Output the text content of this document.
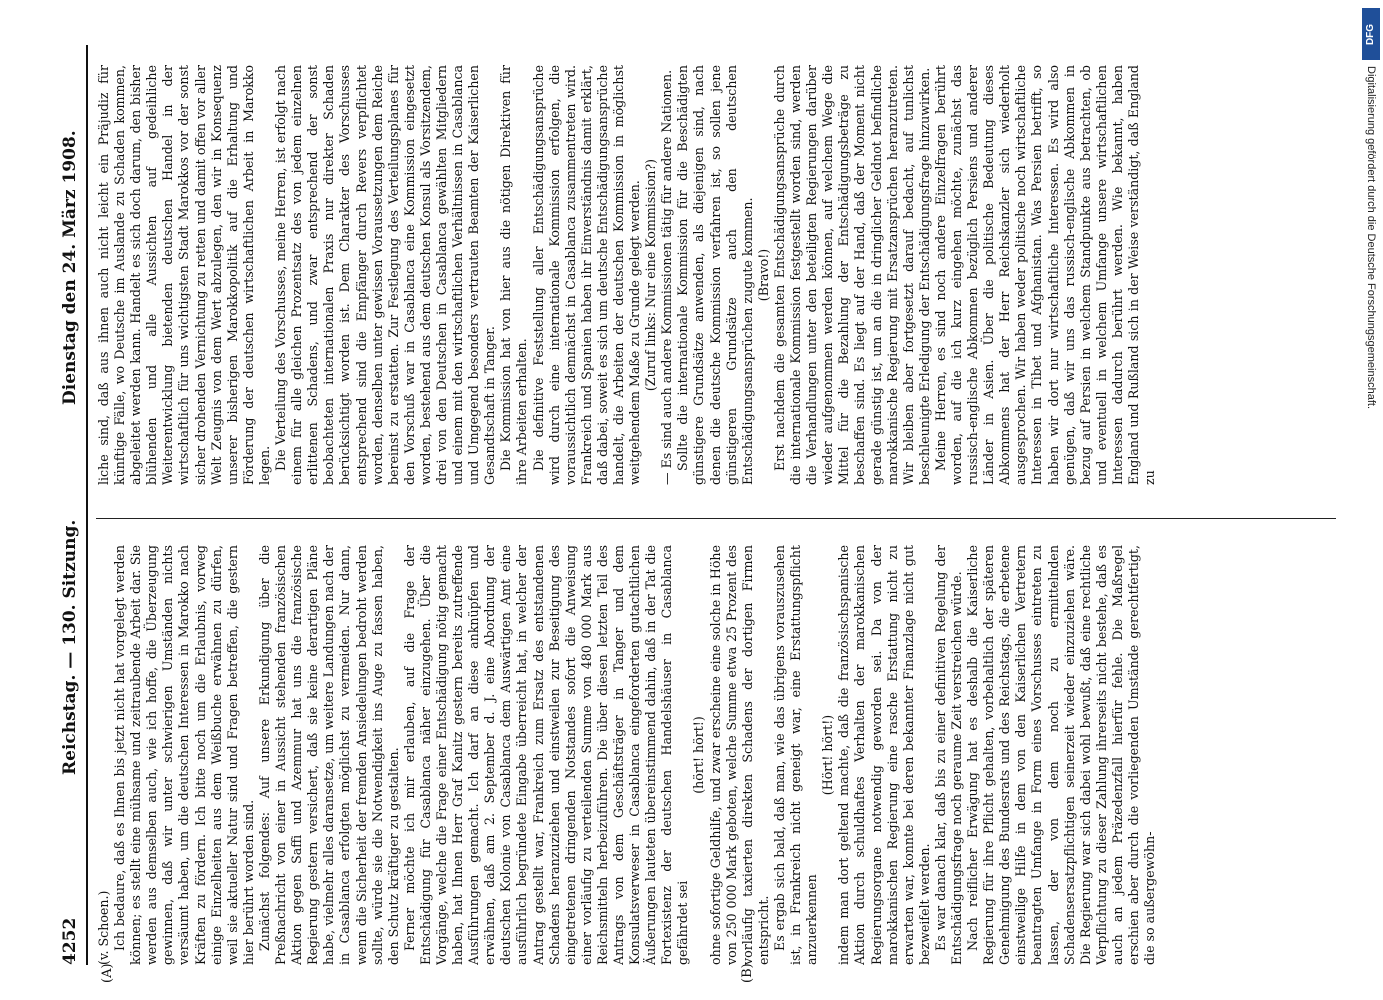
4252
Reichstag. — 130. Sitzung.
Dienstag den 24. März 1908.
(A)	(B)

(v. Schoen.) Ich bedaure, daß es Ihnen bis jetzt nicht hat vorgelegt werden können; es stellt eine mühsame und zeitraubende Arbeit dar. Sie werden aus demselben auch, wie ich hoffe, die Überzeugung gewinnen, daß wir unter schwierigen Umständen nichts versäumt haben, um die deutschen Interessen in Marokko nach Kräften zu fördern. Ich bitte noch um die Erlaubnis, vorweg einige Einzelheiten aus dem Weißbuche erwähnen zu dürfen, weil sie aktueller Natur sind und Fragen betreffen, die gestern hier berührt worden sind. Zunächst folgendes: Auf unsere Erkundigung über die Preßnachricht von einer in Aussicht stehenden französischen Aktion gegen Saffi und Azemmur hat uns die französische Regierung gestern versichert, daß sie keine derartigen Pläne habe, vielmehr alles daransetze, um weitere Landungen nach der in Casablanca erfolgten möglichst zu vermeiden. Nur dann, wenn die Sicherheit der fremden Ansiedelungen bedroht werden sollte, würde sie die Notwendigkeit ins Auge zu fassen haben, den Schutz kräftiger zu gestalten. Ferner möchte ich mir erlauben, auf die Frage der Entschädigung für Casablanca näher einzugehen. Über die Vorgänge, welche die Frage einer Entschädigung nötig gemacht haben, hat Ihnen Herr Graf Kanitz gestern bereits zutreffende Ausführungen gemacht. Ich darf an diese anknüpfen und erwähnen, daß am 2. September d. J. eine Abordnung der deutschen Kolonie von Casablanca dem Auswärtigen Amt eine ausführlich begründete Eingabe überreicht hat, in welcher der Antrag gestellt war, Frankreich zum Ersatz des entstandenen Schadens heranzuziehen und einstweilen zur Beseitigung des eingetretenen dringenden Notstandes sofort die Anweisung einer vorläufig zu verteilenden Summe von 480 000 Mark aus Reichsmitteln herbeizuführen. Die über diesen letzten Teil des Antrags von dem Geschäftsträger in Tanger und dem Konsulatsverweser in Casablanca eingeforderten gutachtlichen Äußerungen lauteten übereinstimmend dahin, daß in der Tat die Fortexistenz der deutschen Handelshäuser in Casablanca gefährdet sei

(hört! hört!) ohne sofortige Geldhilfe, und zwar erscheine eine solche in Höhe von 250 000 Mark geboten, welche Summe etwa 25 Prozent des vorläufig taxierten direkten Schadens der dortigen Firmen entspricht. Es ergab sich bald, daß man, wie das übrigens vorauszusehen ist, in Frankreich nicht geneigt war, eine Erstattungspflicht anzuerkennen

(Hört! hört!) indem man dort geltend machte, daß die französischspanische Aktion durch schuldhaftes Verhalten der marokkanischen Regierungsorgane notwendig geworden sei. Da von der marokkanischen Regierung eine rasche Erstattung nicht zu erwarten war, konnte bei deren bekannter Finanzlage nicht gut bezweifelt werden. Es war danach klar, daß bis zu einer definitiven Regelung der Entschädigungsfrage noch geraume Zeit verstreichen würde. Nach reiflicher Erwägung hat es deshalb die Kaiserliche Regierung für ihre Pflicht gehalten, vorbehaltlich der späteren Genehmigung des Bundesrats und des Reichstags, die erbetene einstweilige Hilfe in dem von den Kaiserlichen Vertretern beantragten Umfange in Form eines Vorschusses eintreten zu lassen, der von dem noch zu ermittelnden Schadensersatzpflichtigen seinerzeit wieder einzuziehen wäre. Die Regierung war sich dabei wohl bewußt, daß eine rechtliche Verpflichtung zu dieser Zahlung ihrerseits nicht bestehe, daß es auch an jedem Präzedenzfall hierfür fehle. Die Maßregel erschien aber durch die vorliegenden Umstände gerechtfertigt, die so außergewöhn-

liche sind, daß aus ihnen auch nicht leicht ein Präjudiz für künftige Fälle, wo Deutsche im Auslande zu Schaden kommen, abgeleitet werden kann. Handelt es sich doch darum, den bisher blühenden und alle Aussichten auf gedeihliche Weiterentwicklung bietenden deutschen Handel in der wirtschaftlich für uns wichtigsten Stadt Marokkos vor der sonst sicher drohenden Vernichtung zu retten und damit offen vor aller Welt Zeugnis von dem Wert abzulegen, den wir in Konsequenz unserer bisherigen Marokkopolitik auf die Erhaltung und Förderung der deutschen wirtschaftlichen Arbeit in Marokko legen. Die Verteilung des Vorschusses, meine Herren, ist erfolgt nach einem für alle gleichen Prozentsatz des von jedem einzelnen erlittenen Schadens, und zwar entsprechend der sonst beobachteten internationalen Praxis nur direkter Schaden berücksichtigt worden ist. Dem Charakter des Vorschusses entsprechend sind die Empfänger durch Revers verpflichtet worden, denselben unter gewissen Voraussetzungen dem Reiche bereinst zu erstatten. Zur Festlegung des Verteilungsplanes für den Vorschuß war in Casablanca eine Kommission eingesetzt worden, bestehend aus dem deutschen Konsul als Vorsitzendem, drei von den Deutschen in Casablanca gewählten Mitgliedern und einem mit den wirtschaftlichen Verhältnissen in Casablanca und Umgegend besonders vertrauten Beamten der Kaiserlichen Gesandtschaft in Tanger. Die Kommission hat von hier aus die nötigen Direktiven für ihre Arbeiten erhalten. Die definitive Feststellung aller Entschädigungsansprüche wird durch eine internationale Kommission erfolgen, die voraussichtlich demnächst in Casablanca zusammentreten wird. Frankreich und Spanien haben ihr Einverständnis damit erklärt, daß dabei, soweit es sich um deutsche Entschädigungsansprüche handelt, die Arbeiten der deutschen Kommission in möglichst weitgehendem Maße zu Grunde gelegt werden. (Zuruf links: Nur eine Kommission?) — Es sind auch andere Kommissionen tätig für andere Nationen. Sollte die internationale Kommission für die Beschädigten günstigere Grundsätze anwenden, als diejenigen sind, nach denen die deutsche Kommission verfahren ist, so sollen jene günstigeren Grundsätze auch den deutschen Entschädigungsansprüchen zugute kommen. (Bravo!) Erst nachdem die gesamten Entschädigungsansprüche durch die internationale Kommission festgestellt worden sind, werden die Verhandlungen unter den beteiligten Regierungen darüber wieder aufgenommen werden können, auf welchem Wege die Mittel für die Bezahlung der Entschädigungsbeträge zu beschaffen sind. Es liegt auf der Hand, daß der Moment nicht gerade günstig ist, um an die in dringlicher Geldnot befindliche marokkanische Regierung mit Ersatzansprüchen heranzutreten. Wir bleiben aber fortgesetzt darauf bedacht, auf tunlichst beschleunigte Erledigung der Entschädigungsfrage hinzuwirken. Meine Herren, es sind noch andere Einzelfragen berührt worden, auf die ich kurz eingehen möchte, zunächst das russisch-englische Abkommen bezüglich Persiens und anderer Länder in Asien. Über die politische Bedeutung dieses Abkommens hat der Herr Reichskanzler sich wiederholt ausgesprochen. Wir haben weder politische noch wirtschaftliche Interessen in Tibet und Afghanistan. Was Persien betrifft, so haben wir dort nur wirtschaftliche Interessen. Es wird also genügen, daß wir uns das russisch-englische Abkommen in bezug auf Persien in welchem Standpunkte aus betrachten, ob und eventuell in welchem Umfange unsere wirtschaftlichen Interessen dadurch berührt werden. Wie bekannt, haben England und Rußland sich in der Weise verständigt, daß England zu

DFG
Digitalisierung gefördert durch die Deutsche Forschungsgemeinschaft.
